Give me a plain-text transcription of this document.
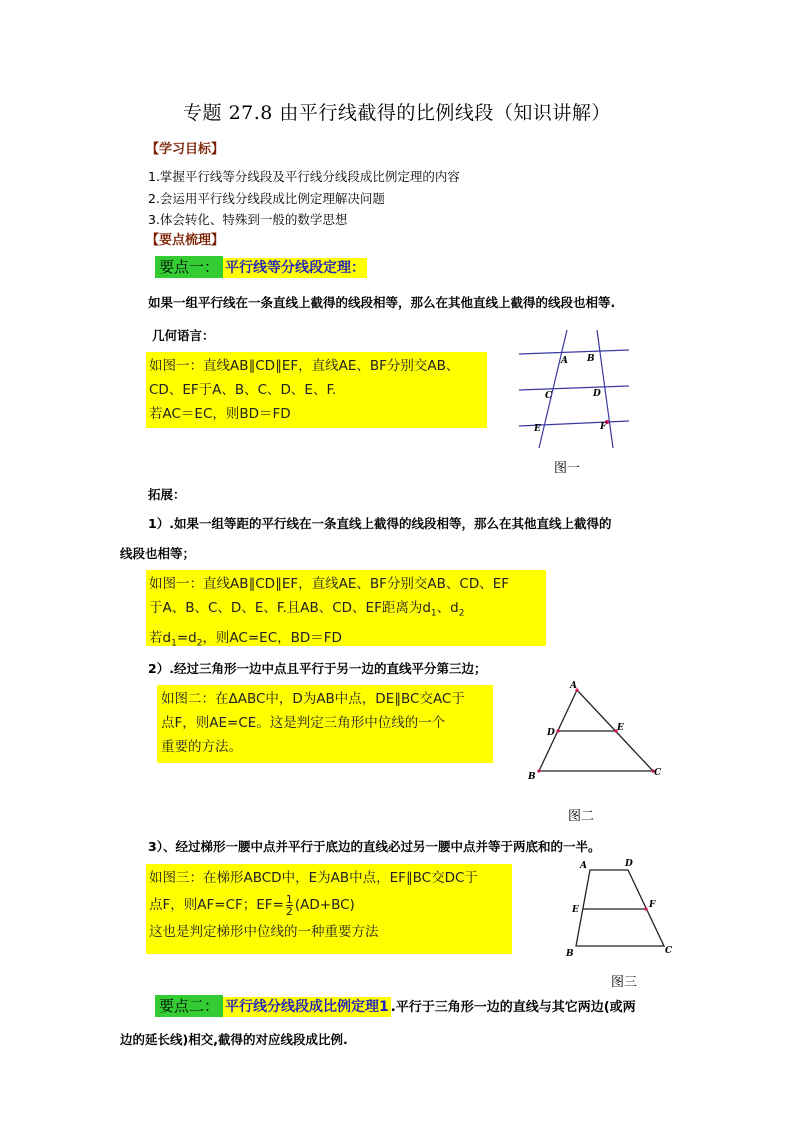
专题 27.8 由平行线截得的比例线段（知识讲解）
【学习目标】
1.掌握平行线等分线段及平行线分线段成比例定理的内容
2.会运用平行线分线段成比例定理解决问题
3.体会转化、特殊到一般的数学思想
【要点梳理】
要点一： 平行线等分线段定理：
如果一组平行线在一条直线上截得的线段相等，那么在其他直线上截得的线段也相等.
几何语言：
如图一：直线AB∥CD∥EF，直线AE、BF分别交AB、
CD、EF于A、B、C、D、E、F.
若AC＝EC，则BD＝FD
A B
C	D
E	F
图一
拓展：
1）.如果一组等距的平行线在一条直线上截得的线段相等，那么在其他直线上截得的
线段也相等；
如图一：直线AB∥CD∥EF，直线AE、BF分别交AB、CD、EF
于A、B、C、D、E、F.且AB、CD、EF距离为$d_1$、$d_2$
若$d_1=d_2$，则AC=EC，BD＝FD
2）.经过三角形一边中点且平行于另一边的直线平分第三边；
如图二：在ΔABC中，D为AB中点，DE∥BC交AC于
点F，则AE=CE。这是判定三角形中位线的一个
重要的方法。
A
D	E
B	C
图二
3）、经过梯形一腰中点并平行于底边的直线必过另一腰中点并等于两底和的一半。
如图三：在梯形ABCD中，E为AB中点，EF∥BC交DC于
点F，则AF=CF；$EF= \frac{1}{2} (AD+BC)$
这也是判定梯形中位线的一种重要方法
A	D
E	F
B	C
图三
要点二： 平行线分线段成比例定理1 .平行于三角形一边的直线与其它两边(或两
边的延长线)相交,截得的对应线段成比例.
